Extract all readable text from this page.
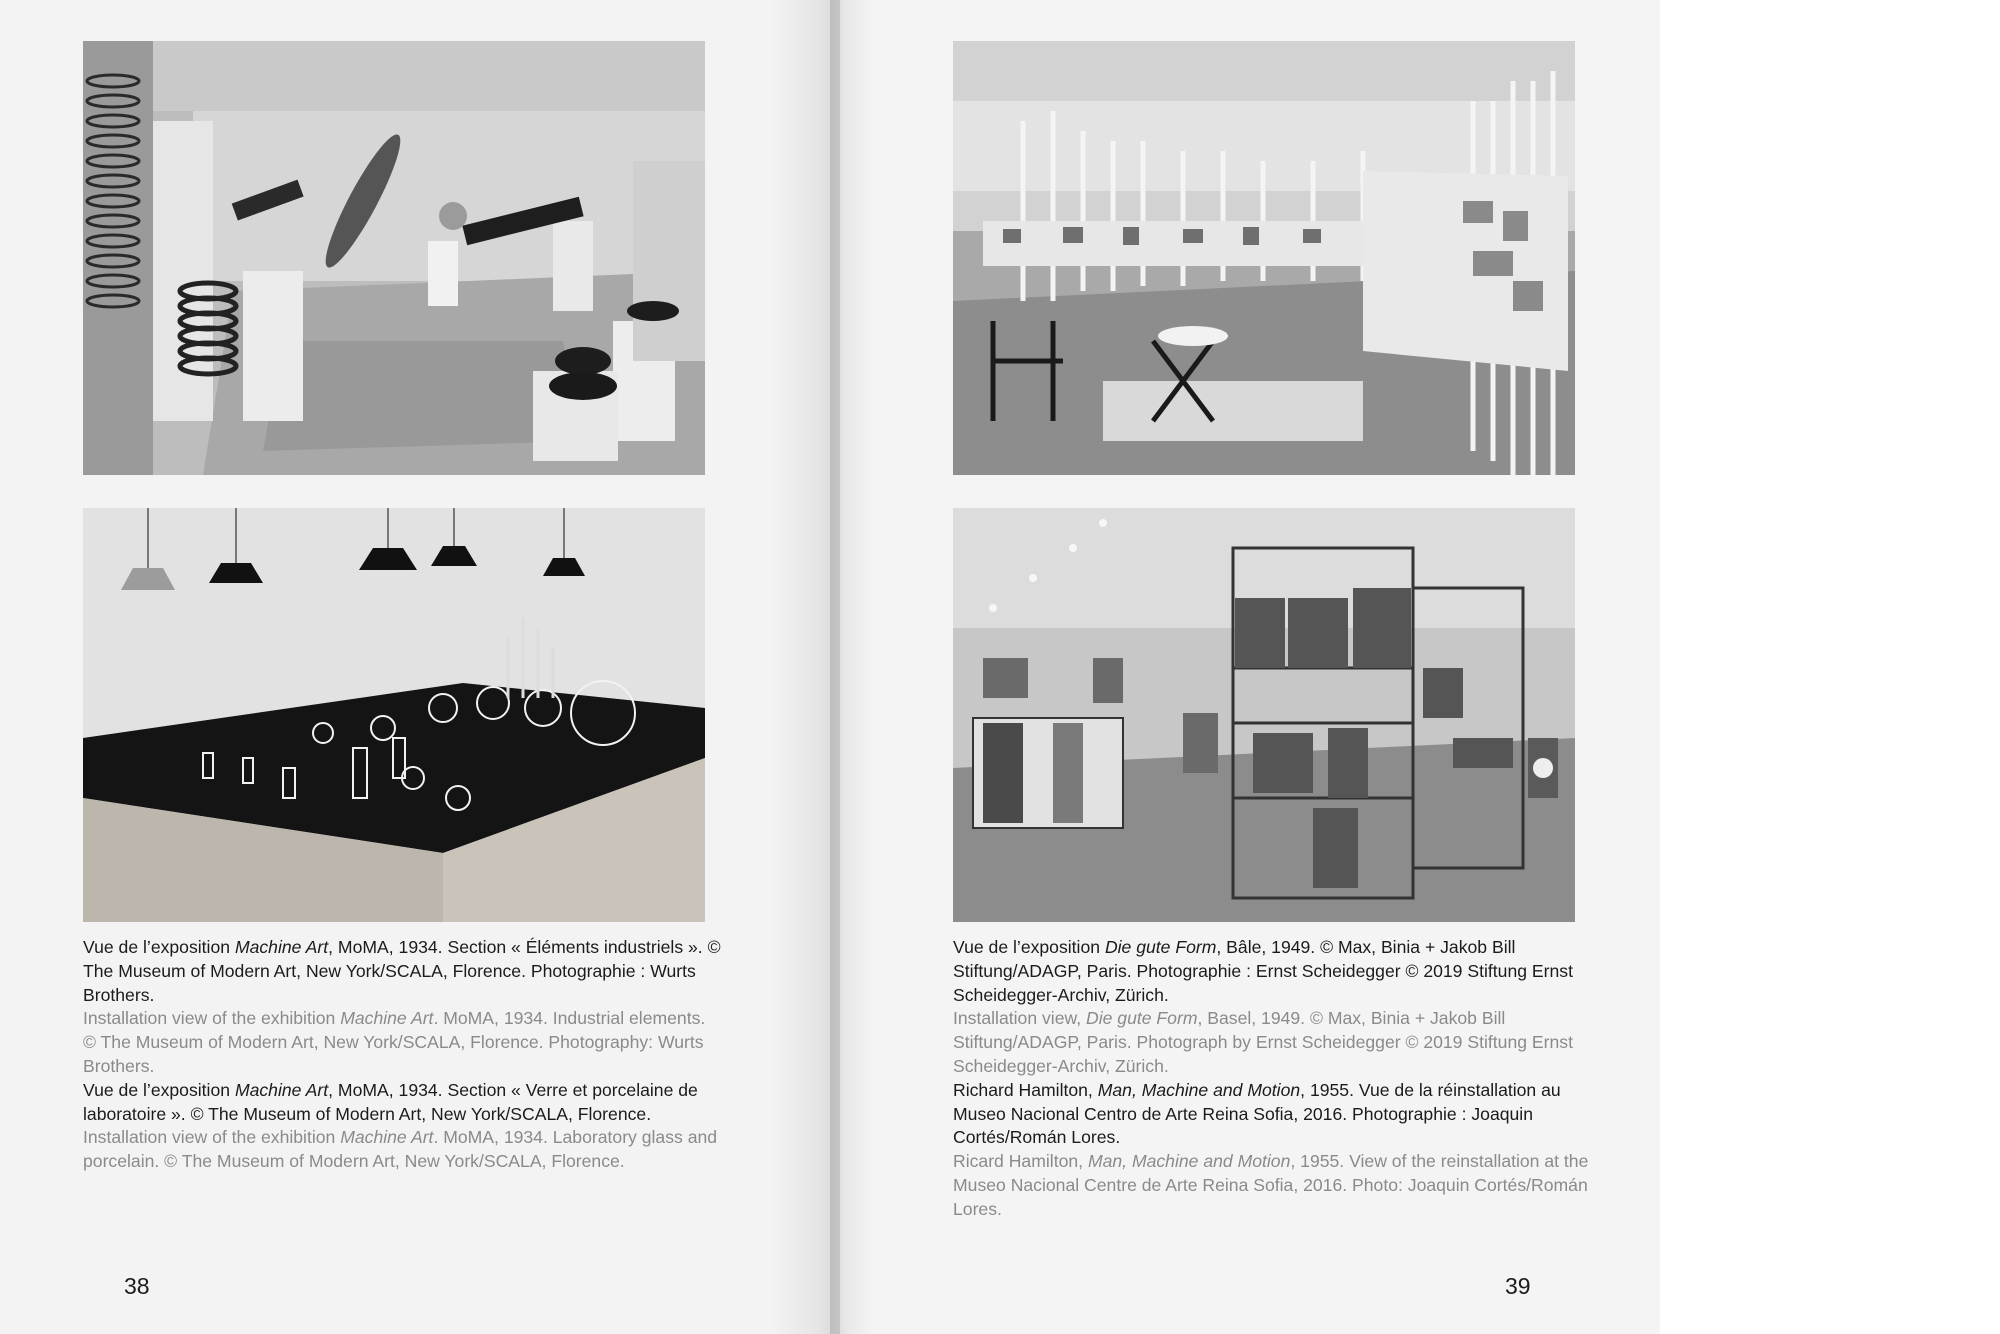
Vue de l’exposition Machine Art, MoMA, 1934. Section « Éléments industriels ». © The Museum of Modern Art, New York/SCALA, Florence. Photographie : Wurts Brothers.

Installation view of the exhibition Machine Art. MoMA, 1934. Industrial elements. © The Museum of Modern Art, New York/SCALA, Florence. Photography: Wurts Brothers.

Vue de l’exposition Machine Art, MoMA, 1934. Section « Verre et porcelaine de laboratoire ». © The Museum of Modern Art, New York/SCALA, Florence.

Installation view of the exhibition Machine Art. MoMA, 1934. Laboratory glass and porcelain. © The Museum of Modern Art, New York/SCALA, Florence.

Vue de l’exposition Die gute Form, Bâle, 1949. © Max, Binia + Jakob Bill Stiftung/ADAGP, Paris. Photographie : Ernst Scheidegger © 2019 Stiftung Ernst Scheidegger-Archiv, Zürich.

Installation view, Die gute Form, Basel, 1949. © Max, Binia + Jakob Bill Stiftung/ADAGP, Paris. Photograph by Ernst Scheidegger © 2019 Stiftung Ernst Scheidegger-Archiv, Zürich.

Richard Hamilton, Man, Machine and Motion, 1955. Vue de la réinstallation au Museo Nacional Centro de Arte Reina Sofia, 2016. Photographie : Joaquin Cortés/Román Lores.

Ricard Hamilton, Man, Machine and Motion, 1955. View of the reinstallation at the Museo Nacional Centre de Arte Reina Sofia, 2016. Photo: Joaquin Cortés/Román Lores.

38	39
